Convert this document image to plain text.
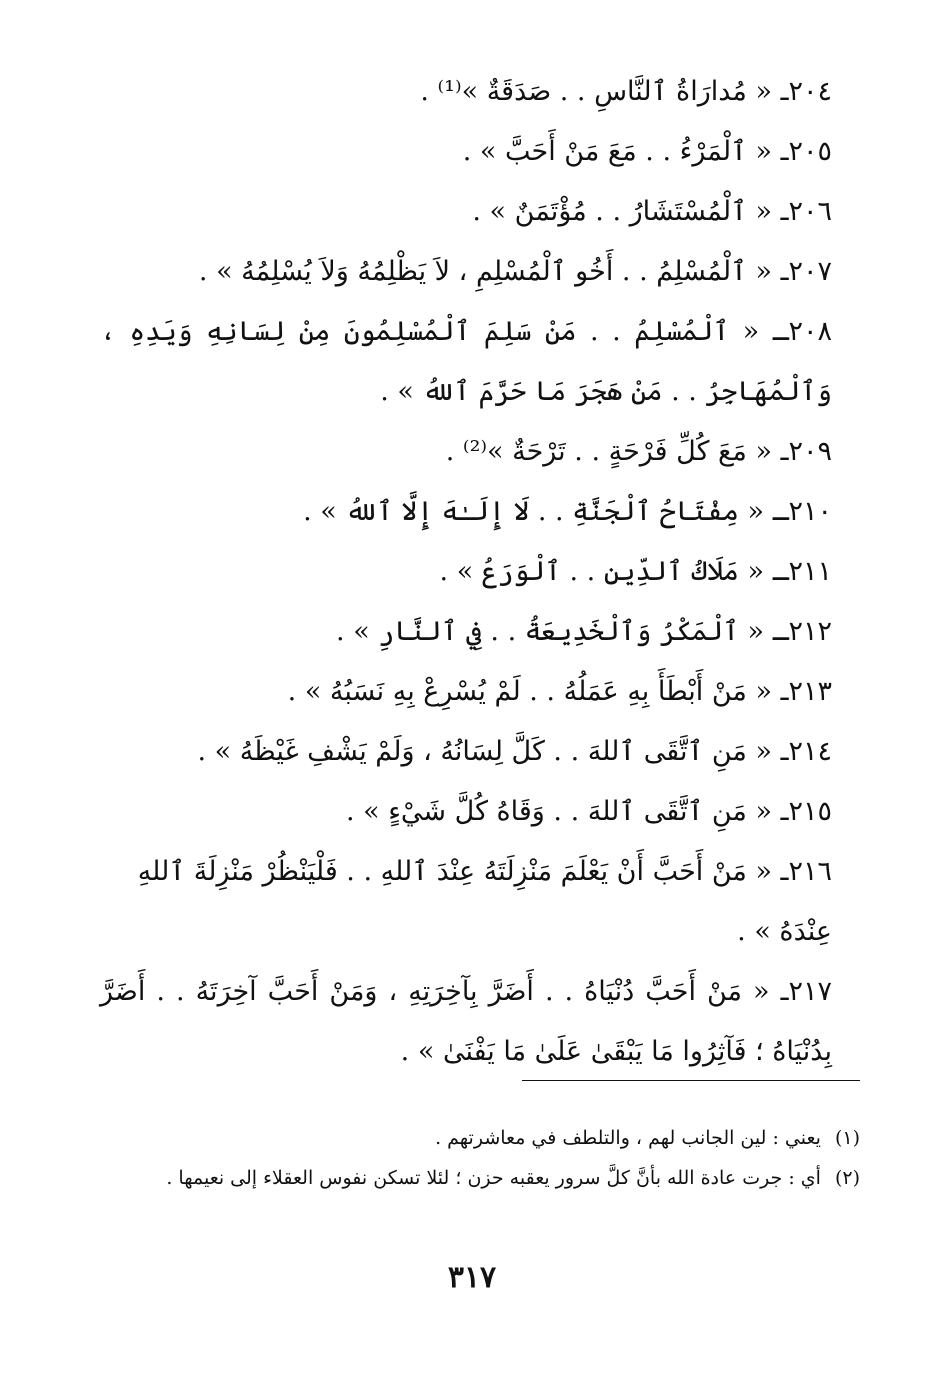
٢٠٤ـ « مُدارَاةُ ٱلنَّاسِ . . صَدَقَةٌ »⁽¹⁾ .
٢٠٥ـ « ٱلْمَرْءُ . . مَعَ مَنْ أَحَبَّ » .
٢٠٦ـ « ٱلْمُسْتَشَارُ . . مُؤْتَمَنٌ » .
٢٠٧ـ « ٱلْمُسْلِمُ . . أَخُو ٱلْمُسْلِمِ ، لاَ يَظْلِمُهُ وَلاَ يُسْلِمُهُ » .
٢٠٨ـ « ٱلْمُسْلِمُ . . مَنْ سَلِمَ ٱلْمُسْلِمُونَ مِنْ لِسَانِهِ وَيَدِهِ ، وَٱلْمُهَاجِرُ . . مَنْ هَجَرَ مَا حَرَّمَ ٱللهُ » .
٢٠٩ـ « مَعَ كُلِّ فَرْحَةٍ . . تَرْحَةٌ »⁽²⁾ .
٢١٠ـ « مِفْتَاحُ ٱلْجَنَّةِ . . لَا إِلَـٰهَ إِلَّا ٱللهُ » .
٢١١ـ « مَلَاكُ ٱلدِّينِ . . ٱلْوَرَعُ » .
٢١٢ـ « ٱلْمَكْرُ وَٱلْخَدِيعَةُ . . فِي ٱلنَّارِ » .
٢١٣ـ « مَنْ أَبْطَأَ بِهِ عَمَلُهُ . . لَمْ يُسْرِعْ بِهِ نَسَبُهُ » .
٢١٤ـ « مَنِ ٱتَّقَى ٱللهَ . . كَلَّ لِسَانُهُ ، وَلَمْ يَشْفِ غَيْظَهُ » .
٢١٥ـ « مَنِ ٱتَّقَى ٱللهَ . . وَقَاهُ كُلَّ شَيْءٍ » .
٢١٦ـ « مَنْ أَحَبَّ أَنْ يَعْلَمَ مَنْزِلَتَهُ عِنْدَ ٱللهِ . . فَلْيَنْظُرْ مَنْزِلَةَ ٱللهِ عِنْدَهُ » .
٢١٧ـ « مَنْ أَحَبَّ دُنْيَاهُ . . أَضَرَّ بِآخِرَتِهِ ، وَمَنْ أَحَبَّ آخِرَتَهُ . . أَضَرَّ بِدُنْيَاهُ ؛ فَآثِرُوا مَا يَبْقَىٰ عَلَىٰ مَا يَفْنَىٰ » .

(١)
يعني : لين الجانب لهم ، والتلطف في معاشرتهم .

(٢)
أي : جرت عادة الله بأنَّ كلَّ سرور يعقبه حزن ؛ لئلا تسكن نفوس العقلاء إلى نعيمها .

٣١٧
